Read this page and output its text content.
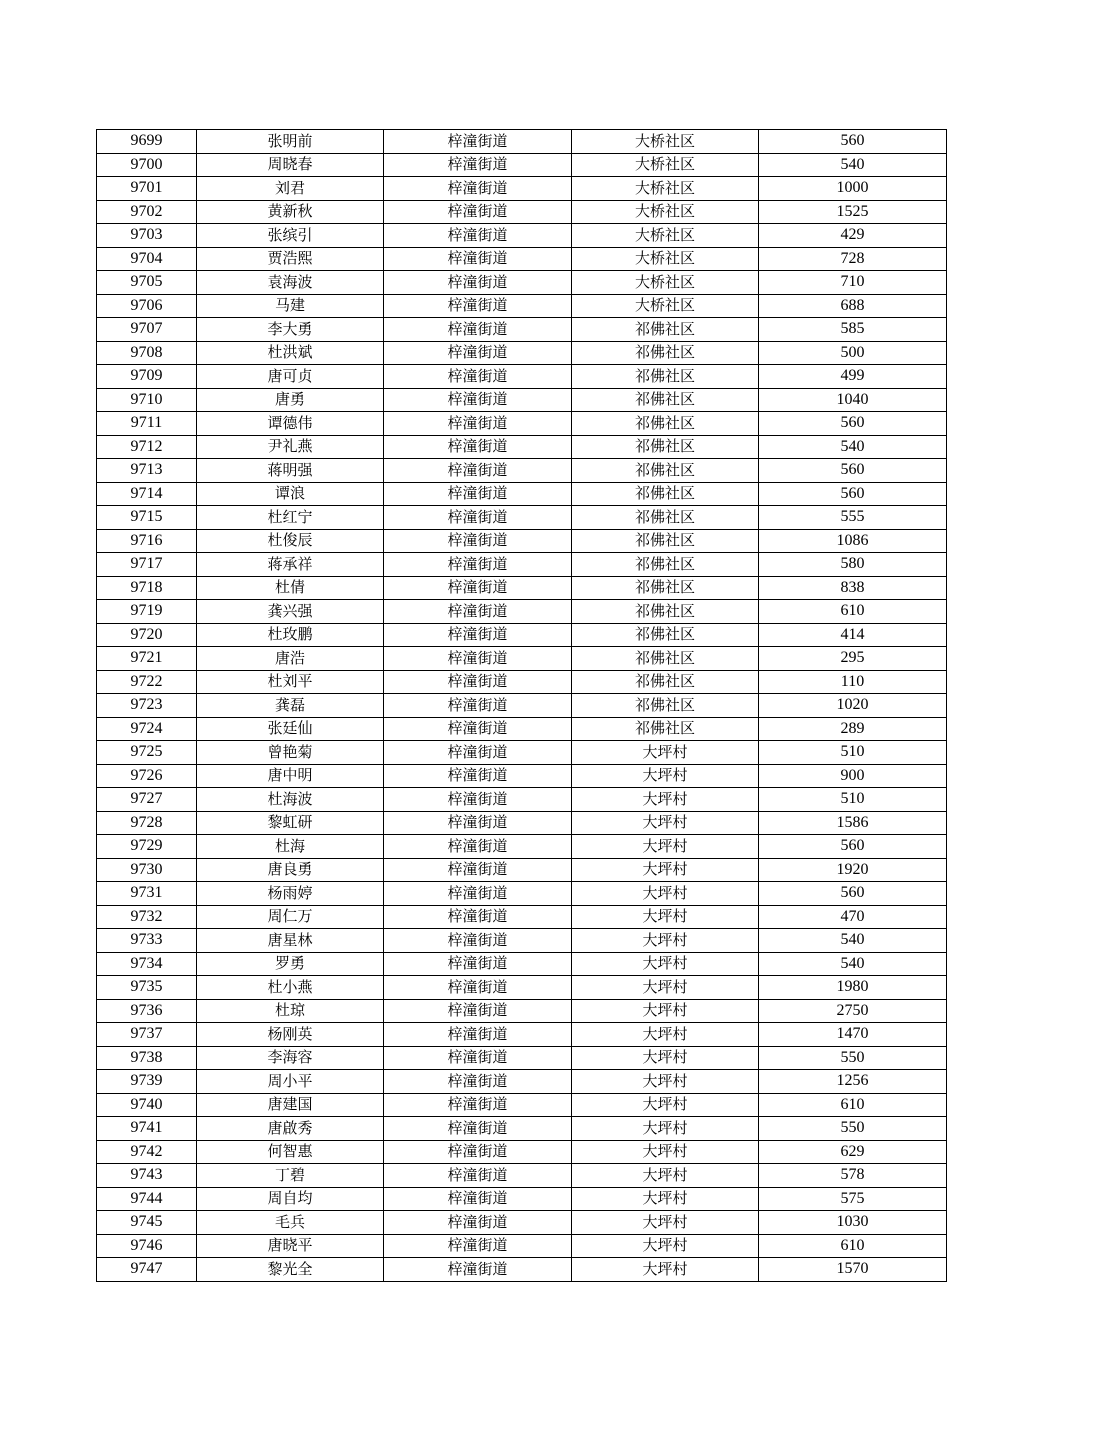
9699	张明前	梓潼街道	大桥社区	560
9700	周晓春	梓潼街道	大桥社区	540
9701	刘君	梓潼街道	大桥社区	1000
9702	黄新秋	梓潼街道	大桥社区	1525
9703	张缤引	梓潼街道	大桥社区	429
9704	贾浩熙	梓潼街道	大桥社区	728
9705	袁海波	梓潼街道	大桥社区	710
9706	马建	梓潼街道	大桥社区	688
9707	李大勇	梓潼街道	祁佛社区	585
9708	杜洪斌	梓潼街道	祁佛社区	500
9709	唐可贞	梓潼街道	祁佛社区	499
9710	唐勇	梓潼街道	祁佛社区	1040
9711	谭德伟	梓潼街道	祁佛社区	560
9712	尹礼燕	梓潼街道	祁佛社区	540
9713	蒋明强	梓潼街道	祁佛社区	560
9714	谭浪	梓潼街道	祁佛社区	560
9715	杜红宁	梓潼街道	祁佛社区	555
9716	杜俊辰	梓潼街道	祁佛社区	1086
9717	蒋承祥	梓潼街道	祁佛社区	580
9718	杜倩	梓潼街道	祁佛社区	838
9719	龚兴强	梓潼街道	祁佛社区	610
9720	杜玫鹏	梓潼街道	祁佛社区	414
9721	唐浩	梓潼街道	祁佛社区	295
9722	杜刘平	梓潼街道	祁佛社区	110
9723	龚磊	梓潼街道	祁佛社区	1020
9724	张廷仙	梓潼街道	祁佛社区	289
9725	曾艳菊	梓潼街道	大坪村	510
9726	唐中明	梓潼街道	大坪村	900
9727	杜海波	梓潼街道	大坪村	510
9728	黎虹研	梓潼街道	大坪村	1586
9729	杜海	梓潼街道	大坪村	560
9730	唐良勇	梓潼街道	大坪村	1920
9731	杨雨婷	梓潼街道	大坪村	560
9732	周仁万	梓潼街道	大坪村	470
9733	唐星林	梓潼街道	大坪村	540
9734	罗勇	梓潼街道	大坪村	540
9735	杜小燕	梓潼街道	大坪村	1980
9736	杜琼	梓潼街道	大坪村	2750
9737	杨刚英	梓潼街道	大坪村	1470
9738	李海容	梓潼街道	大坪村	550
9739	周小平	梓潼街道	大坪村	1256
9740	唐建国	梓潼街道	大坪村	610
9741	唐啟秀	梓潼街道	大坪村	550
9742	何智惠	梓潼街道	大坪村	629
9743	丁碧	梓潼街道	大坪村	578
9744	周自均	梓潼街道	大坪村	575
9745	毛兵	梓潼街道	大坪村	1030
9746	唐晓平	梓潼街道	大坪村	610
9747	黎光全	梓潼街道	大坪村	1570
